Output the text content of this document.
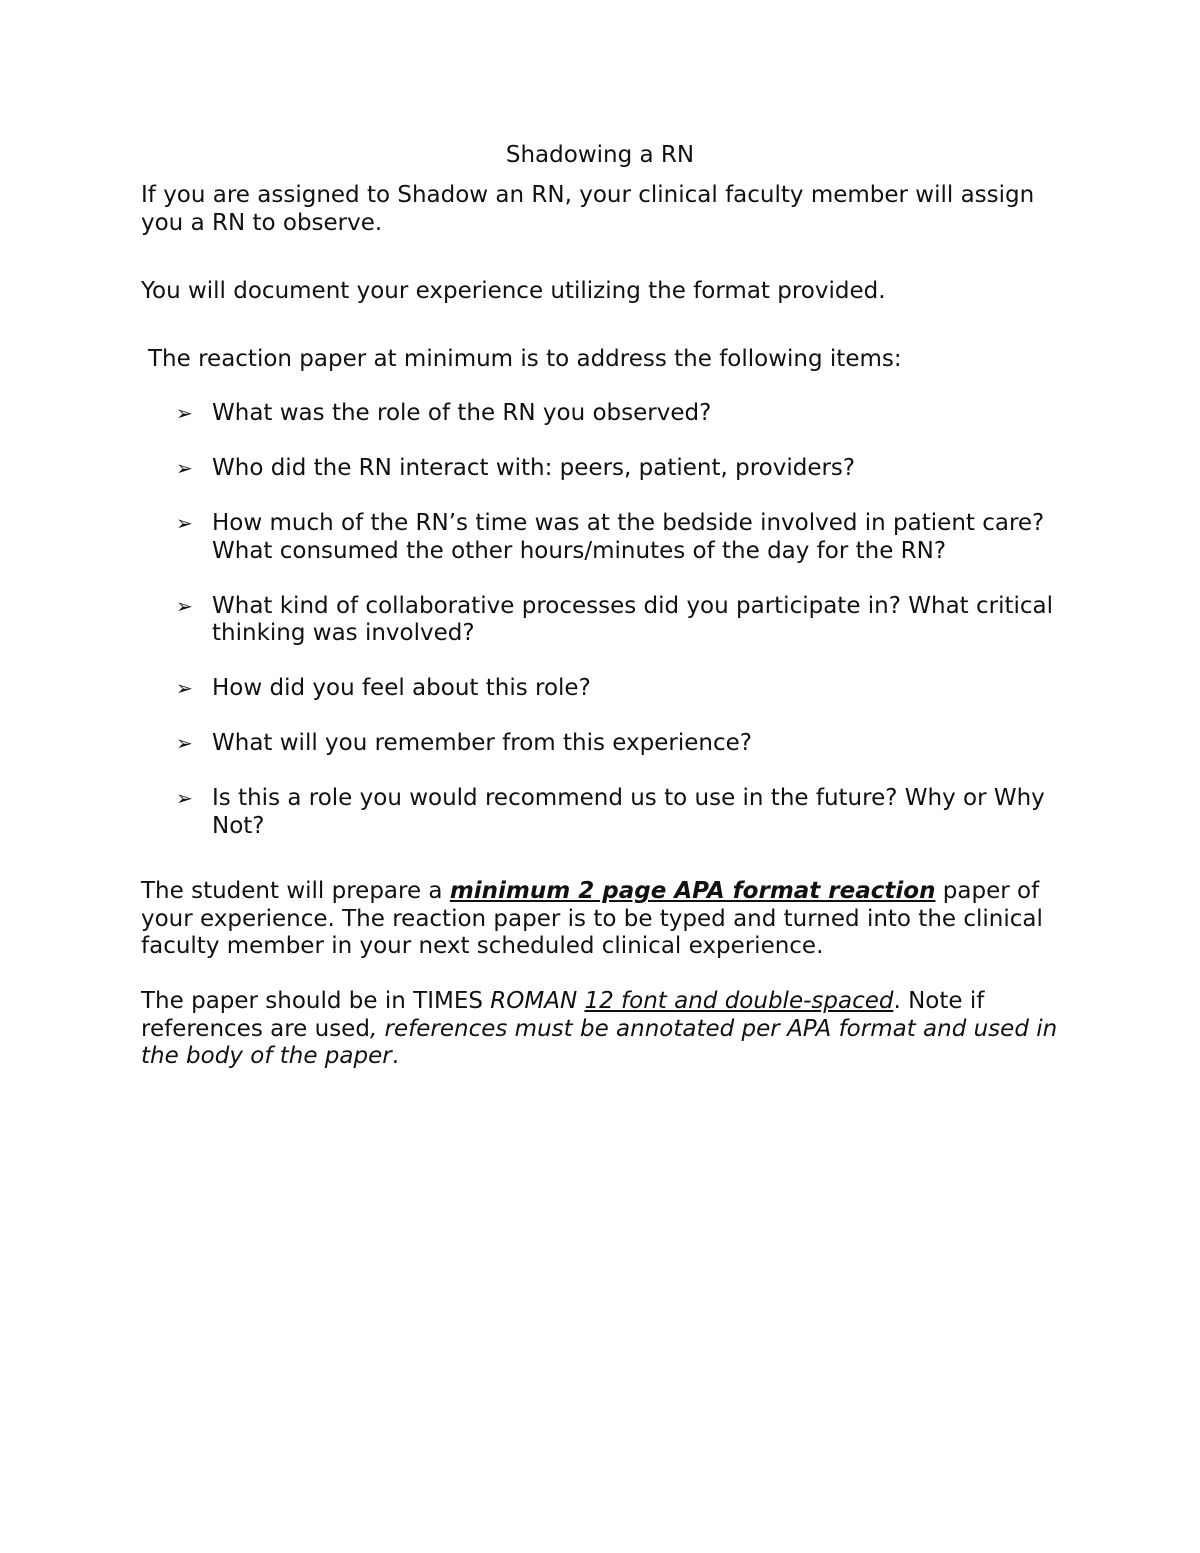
Shadowing a RN

If you are assigned to Shadow an RN, your clinical faculty member will assign you a RN to observe.

You will document your experience utilizing the format provided.

The reaction paper at minimum is to address the following items:

➢ What was the role of the RN you observed?
➢ Who did the RN interact with: peers, patient, providers?
➢ How much of the RN’s time was at the bedside involved in patient care? What consumed the other hours/minutes of the day for the RN?
➢ What kind of collaborative processes did you participate in? What critical thinking was involved?
➢ How did you feel about this role?
➢ What will you remember from this experience?
➢ Is this a role you would recommend us to use in the future? Why or Why Not?

The student will prepare a minimum 2 page APA format reaction paper of your experience. The reaction paper is to be typed and turned into the clinical faculty member in your next scheduled clinical experience.

The paper should be in TIMES ROMAN 12 font and double-spaced. Note if references are used, references must be annotated per APA format and used in the body of the paper.
